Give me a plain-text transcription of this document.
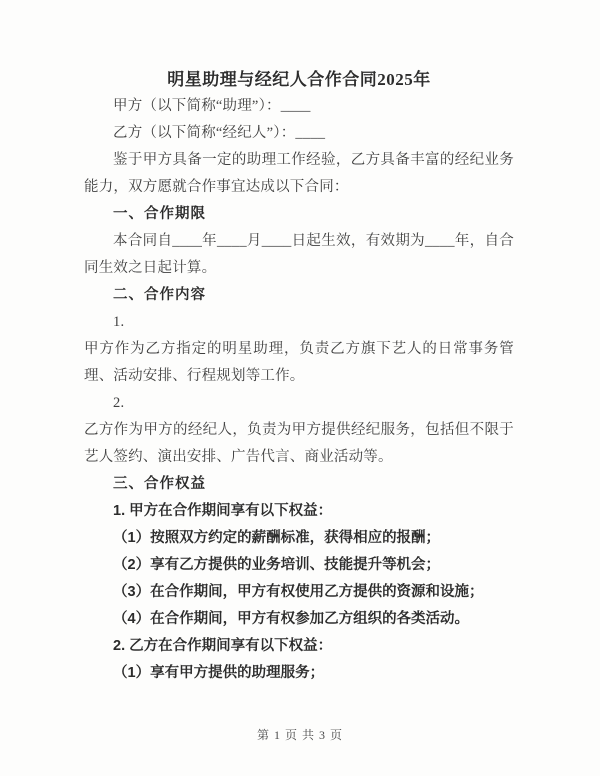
明星助理与经纪人合作合同2025年

甲方（以下简称“助理”）：____

乙方（以下简称“经纪人”）：____

鉴于甲方具备一定的助理工作经验，乙方具备丰富的经纪业务能力，双方愿就合作事宜达成以下合同：

一、合作期限

本合同自____年____月____日起生效，有效期为____年，自合同生效之日起计算。

二、合作内容

1.

甲方作为乙方指定的明星助理，负责乙方旗下艺人的日常事务管理、活动安排、行程规划等工作。

2.

乙方作为甲方的经纪人，负责为甲方提供经纪服务，包括但不限于艺人签约、演出安排、广告代言、商业活动等。

三、合作权益

1. 甲方在合作期间享有以下权益：

（1）按照双方约定的薪酬标准，获得相应的报酬；

（2）享有乙方提供的业务培训、技能提升等机会；

（3）在合作期间，甲方有权使用乙方提供的资源和设施；

（4）在合作期间，甲方有权参加乙方组织的各类活动。

2. 乙方在合作期间享有以下权益：

（1）享有甲方提供的助理服务；

第 1 页 共 3 页
